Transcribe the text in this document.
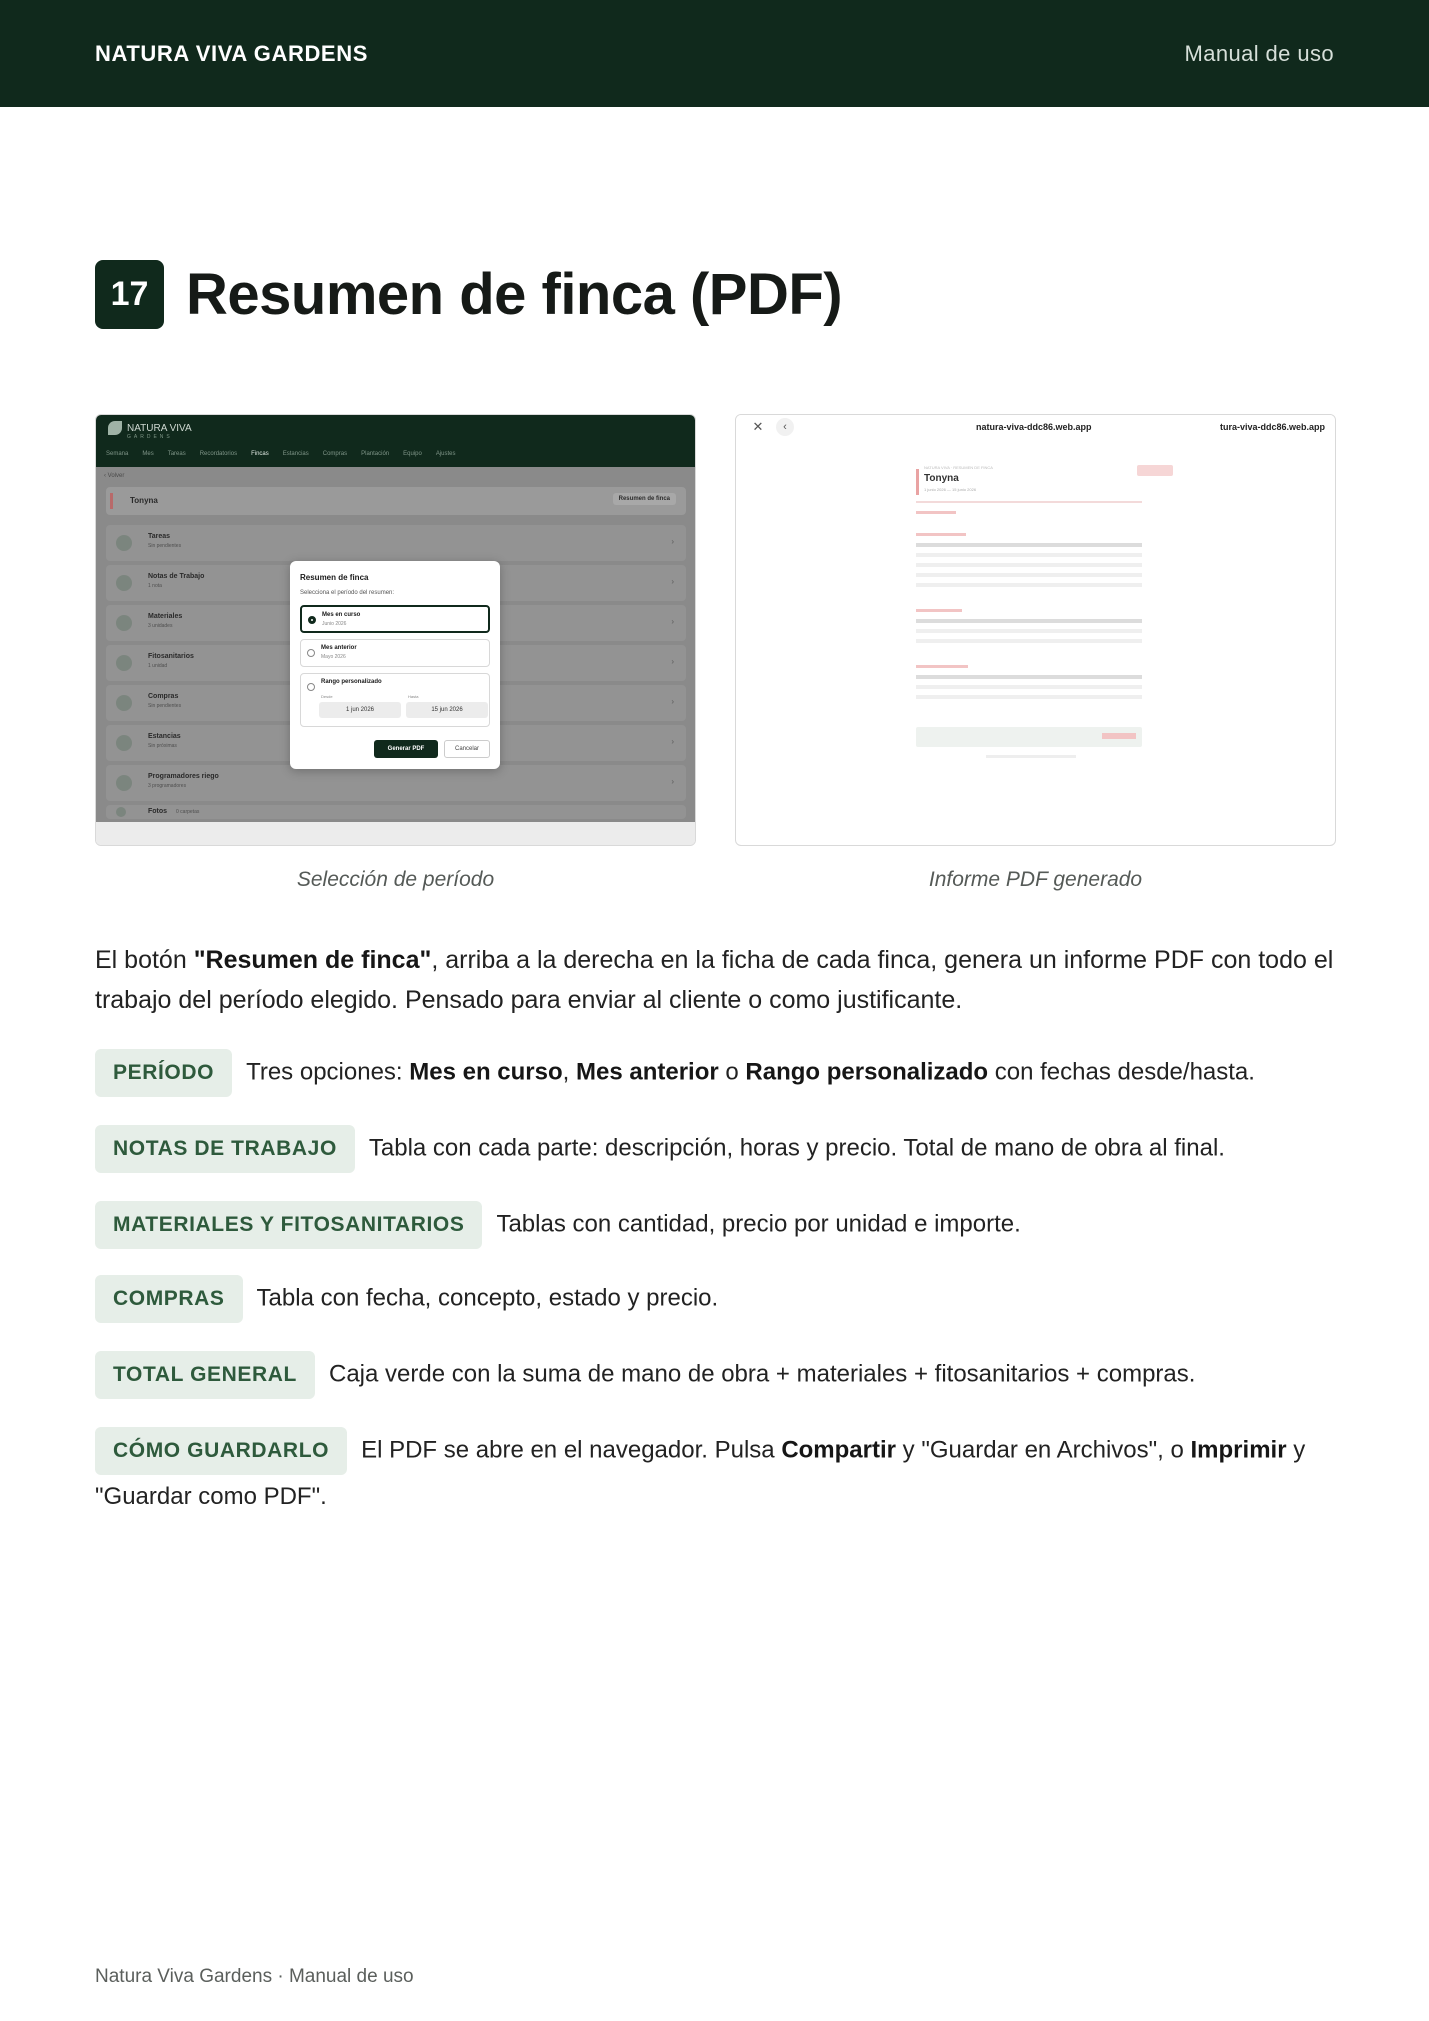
NATURA VIVA GARDENS	Manual de uso
17 Resumen de finca (PDF)
NATURA VIVA
GARDENS
Semana Mes Tareas Recordatorios Fincas Estancias Compras Plantación Equipo Ajustes
‹ Volver
Tonyna	Resumen de finca
Tareas
Sin pendientes	›
Notas de Trabajo
1 nota	›
Materiales
3 unidades	›
Fitosanitarios
1 unidad	›
Compras
Sin pendientes	›
Estancias
Sin próximas	›
Programadores riego
3 programadores	›
Fotos 0 carpetas
Resumen de finca
Selecciona el período del resumen:
Mes en curso
Junio 2026
Mes anterior
Mayo 2026
Rango personalizado
Desde	Hasta
1 jun 2026	15 jun 2026
Generar PDF	Cancelar
Selección de período
✕	‹	natura-viva-ddc86.web.app	tura-viva-ddc86.web.app
NATURA VIVA · RESUMEN DE FINCA
Tonyna
1 junio 2026 — 15 junio 2026
Informe PDF generado

El botón "Resumen de finca", arriba a la derecha en la ficha de cada finca, genera un informe PDF con todo el trabajo del período elegido. Pensado para enviar al cliente o como justificante.

PERÍODO Tres opciones: Mes en curso, Mes anterior o Rango personalizado con fechas desde/hasta.
NOTAS DE TRABAJO Tabla con cada parte: descripción, horas y precio. Total de mano de obra al final.
MATERIALES Y FITOSANITARIOS Tablas con cantidad, precio por unidad e importe.
COMPRAS Tabla con fecha, concepto, estado y precio.
TOTAL GENERAL Caja verde con la suma de mano de obra + materiales + fitosanitarios + compras.
CÓMO GUARDARLO El PDF se abre en el navegador. Pulsa Compartir y "Guardar en Archivos", o Imprimir y "Guardar como PDF".
Natura Viva Gardens · Manual de uso
